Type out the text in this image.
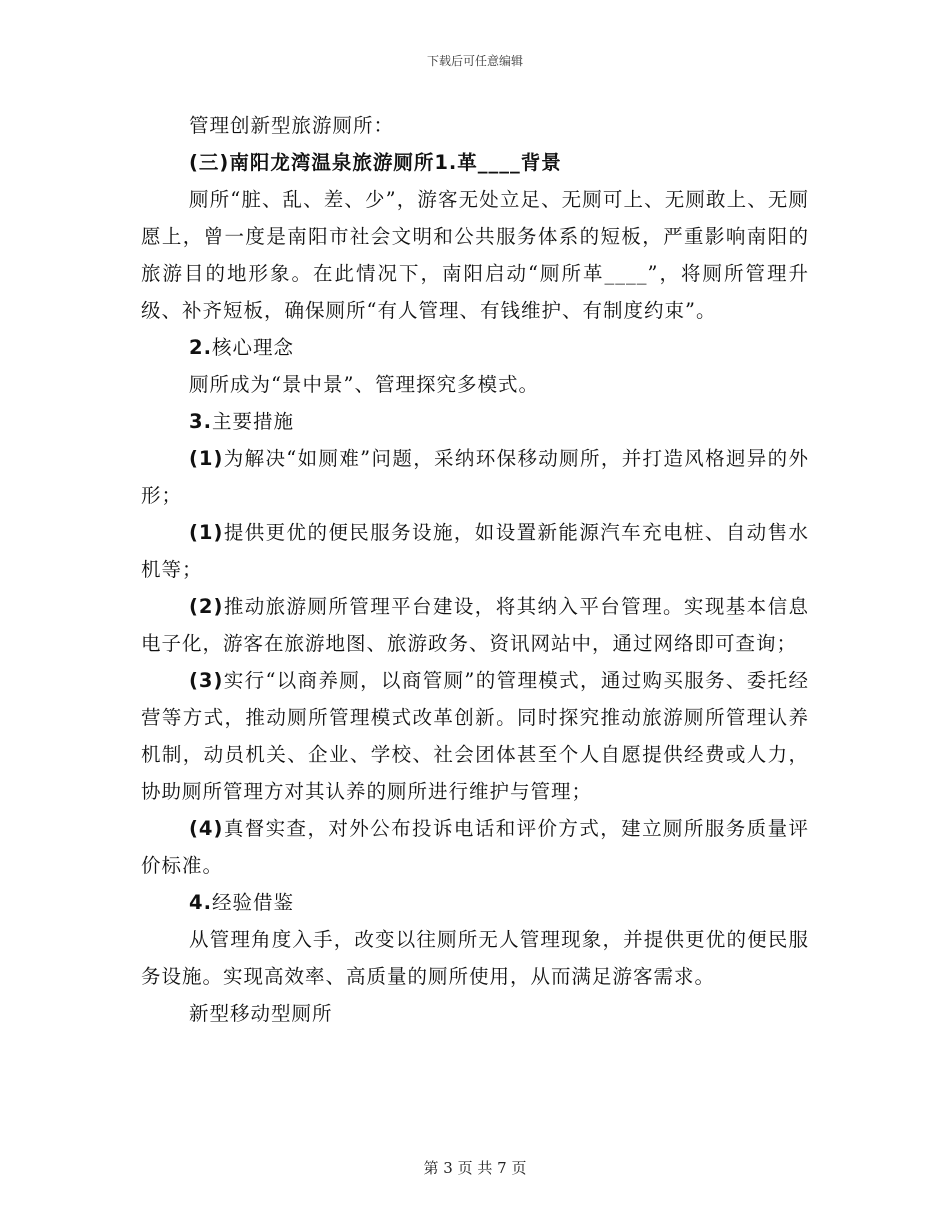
下载后可任意编辑

管理创新型旅游厕所：

(三)南阳龙湾温泉旅游厕所1.革____背景

厕所“脏、乱、差、少”，游客无处立足、无厕可上、无厕敢上、无厕愿上，曾一度是南阳市社会文明和公共服务体系的短板，严重影响南阳的旅游目的地形象。在此情况下，南阳启动“厕所革____”，将厕所管理升级、补齐短板，确保厕所“有人管理、有钱维护、有制度约束”。

2.核心理念

厕所成为“景中景”、管理探究多模式。

3.主要措施

(1)为解决“如厕难”问题，采纳环保移动厕所，并打造风格迥异的外形；

(1)提供更优的便民服务设施，如设置新能源汽车充电桩、自动售水机等；

(2)推动旅游厕所管理平台建设，将其纳入平台管理。实现基本信息电子化，游客在旅游地图、旅游政务、资讯网站中，通过网络即可查询；

(3)实行“以商养厕，以商管厕”的管理模式，通过购买服务、委托经营等方式，推动厕所管理模式改革创新。同时探究推动旅游厕所管理认养机制，动员机关、企业、学校、社会团体甚至个人自愿提供经费或人力，协助厕所管理方对其认养的厕所进行维护与管理；

(4)真督实查，对外公布投诉电话和评价方式，建立厕所服务质量评价标准。

4.经验借鉴

从管理角度入手，改变以往厕所无人管理现象，并提供更优的便民服务设施。实现高效率、高质量的厕所使用，从而满足游客需求。

新型移动型厕所

第 3 页 共 7 页
